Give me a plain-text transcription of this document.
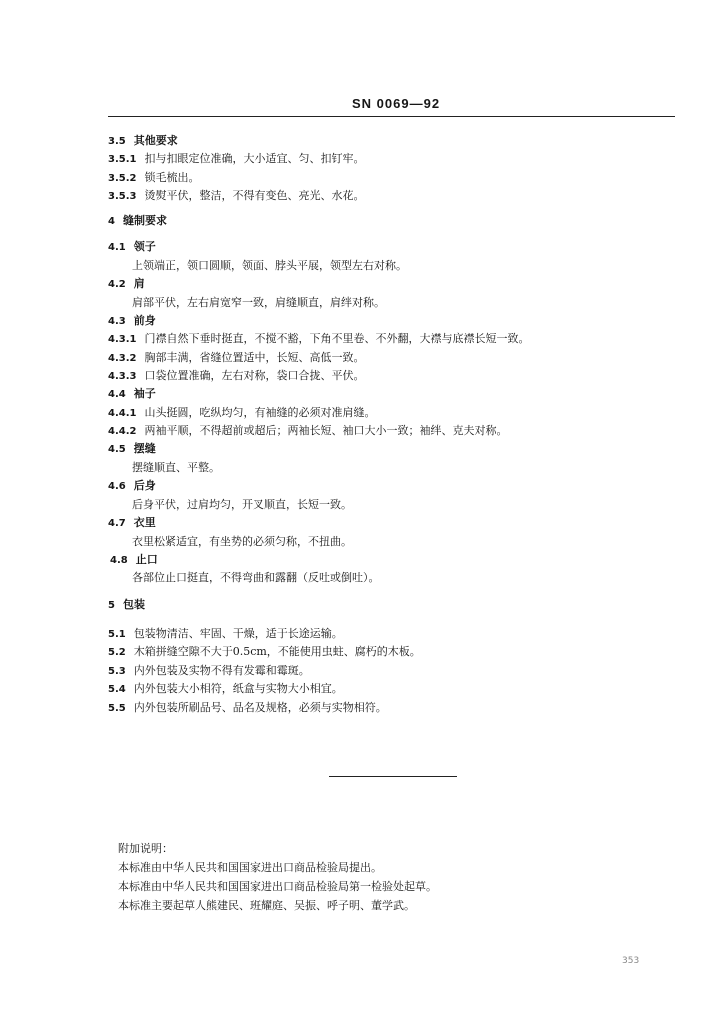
SN 0069—92

3.5 其他要求

3.5.1 扣与扣眼定位准确，大小适宜、匀、扣钉牢。

3.5.2 锁毛梳出。

3.5.3 烫熨平伏，整洁，不得有变色、亮光、水花。

4 缝制要求

4.1 领子

上领端正，领口圆顺，领面、脖头平展，领型左右对称。

4.2 肩

肩部平伏，左右肩宽窄一致，肩缝顺直，肩绊对称。

4.3 前身

4.3.1 门襟自然下垂时挺直，不搅不豁，下角不里卷、不外翻，大襟与底襟长短一致。

4.3.2 胸部丰满，省缝位置适中，长短、高低一致。

4.3.3 口袋位置准确，左右对称，袋口合拢、平伏。

4.4 袖子

4.4.1 山头挺圆，吃纵均匀，有袖缝的必须对准肩缝。

4.4.2 两袖平顺，不得超前或超后；两袖长短、袖口大小一致；袖绊、克夫对称。

4.5 摆缝

摆缝顺直、平整。

4.6 后身

后身平伏，过肩均匀，开叉顺直，长短一致。

4.7 衣里

衣里松紧适宜，有坐势的必须匀称，不扭曲。

4.8 止口

各部位止口挺直，不得弯曲和露翻（反吐或倒吐）。

5 包装

5.1 包装物清洁、牢固、干燥，适于长途运输。

5.2 木箱拼缝空隙不大于0.5cm，不能使用虫蛀、腐朽的木板。

5.3 内外包装及实物不得有发霉和霉斑。

5.4 内外包装大小相符，纸盒与实物大小相宜。

5.5 内外包装所刷品号、品名及规格，必须与实物相符。

附加说明：

本标准由中华人民共和国国家进出口商品检验局提出。

本标准由中华人民共和国国家进出口商品检验局第一检验处起草。

本标准主要起草人熊建民、班耀庭、吴振、呼子明、董学武。

353
